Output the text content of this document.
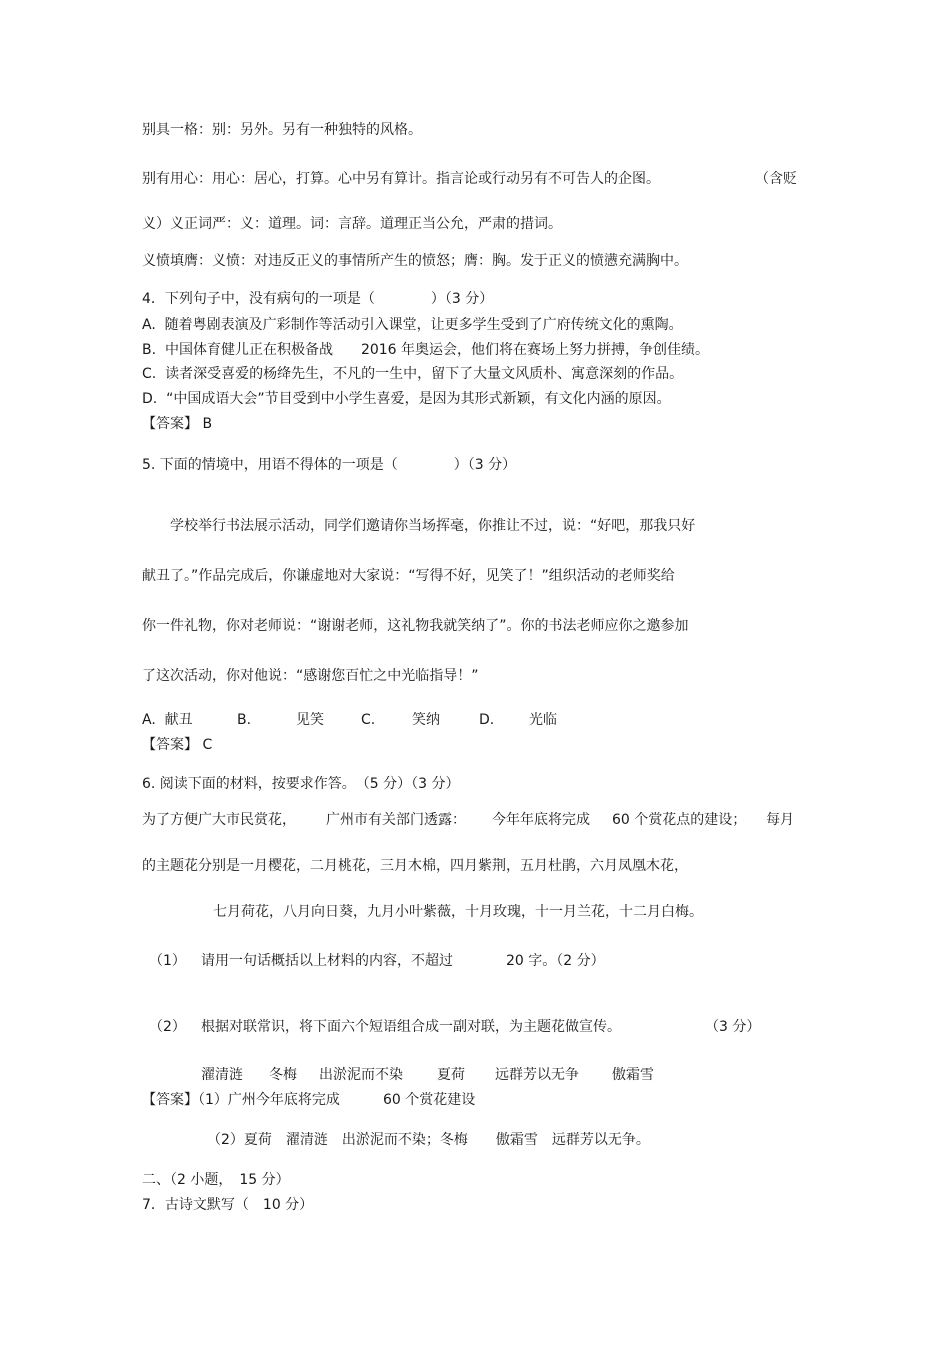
别具一格：别：另外。另有一种独特的风格。
别有用心：用心：居心，打算。心中另有算计。指言论或行动另有不可告人的企图。	（含贬
义）义正词严：义：道理。词：言辞。道理正当公允，严肃的措词。
义愤填膺：义愤：对违反正义的事情所产生的愤怒；膺：胸。发于正义的愤懑充满胸中。
4．下列句子中，没有病句的一项是（　　　　）（3 分）
A.  随着粤剧表演及广彩制作等活动引入课堂，让更多学生受到了广府传统文化的熏陶。
B.  中国体育健儿正在积极备战　　2016 年奥运会，他们将在赛场上努力拼搏，争创佳绩。
C.  读者深受喜爱的杨绛先生，不凡的一生中，留下了大量文风质朴、寓意深刻的作品。
D.  “中国成语大会”节目受到中小学生喜爱，是因为其形式新颖，有文化内涵的原因。
【答案】 B
5. 下面的情境中，用语不得体的一项是（　　　　）（3 分）
　　学校举行书法展示活动，同学们邀请你当场挥毫，你推让不过，说：“好吧，那我只好
献丑了。”作品完成后，你谦虚地对大家说：“写得不好，见笑了！”组织活动的老师奖给
你一件礼物，你对老师说：“谢谢老师，这礼物我就笑纳了”。你的书法老师应你之邀参加
了这次活动，你对他说：“感谢您百忙之中光临指导！”
A.  献丑	B.	见笑	C.	笑纳	D. 光临
【答案】 C
6. 阅读下面的材料，按要求作答。　（5 分）（3 分）
为了方便广大市民赏花， 广州市有关部门透露： 今年年底将完成 60 个赏花点的建设； 每月
的主题花分别是一月樱花，二月桃花，三月木棉，四月紫荆，五月杜鹃，六月凤凰木花，
七月荷花，八月向日葵，九月小叶紫薇，十月玫瑰，十一月兰花，十二月白梅。
（1） 请用一句话概括以上材料的内容，不超过	20 字。（2 分）
（2） 根据对联常识，将下面六个短语组合成一副对联，为主题花做宣传。	（3 分）
濯清涟 冬梅 出淤泥而不染 夏荷 远群芳以无争 傲霜雪
【答案】（1）广州今年底将完成	60 个赏花建设
（2）夏荷　濯清涟　出淤泥而不染；冬梅　　傲霜雪　远群芳以无争。
二、（2 小题，　15 分）
7．古诗文默写（　10 分）
